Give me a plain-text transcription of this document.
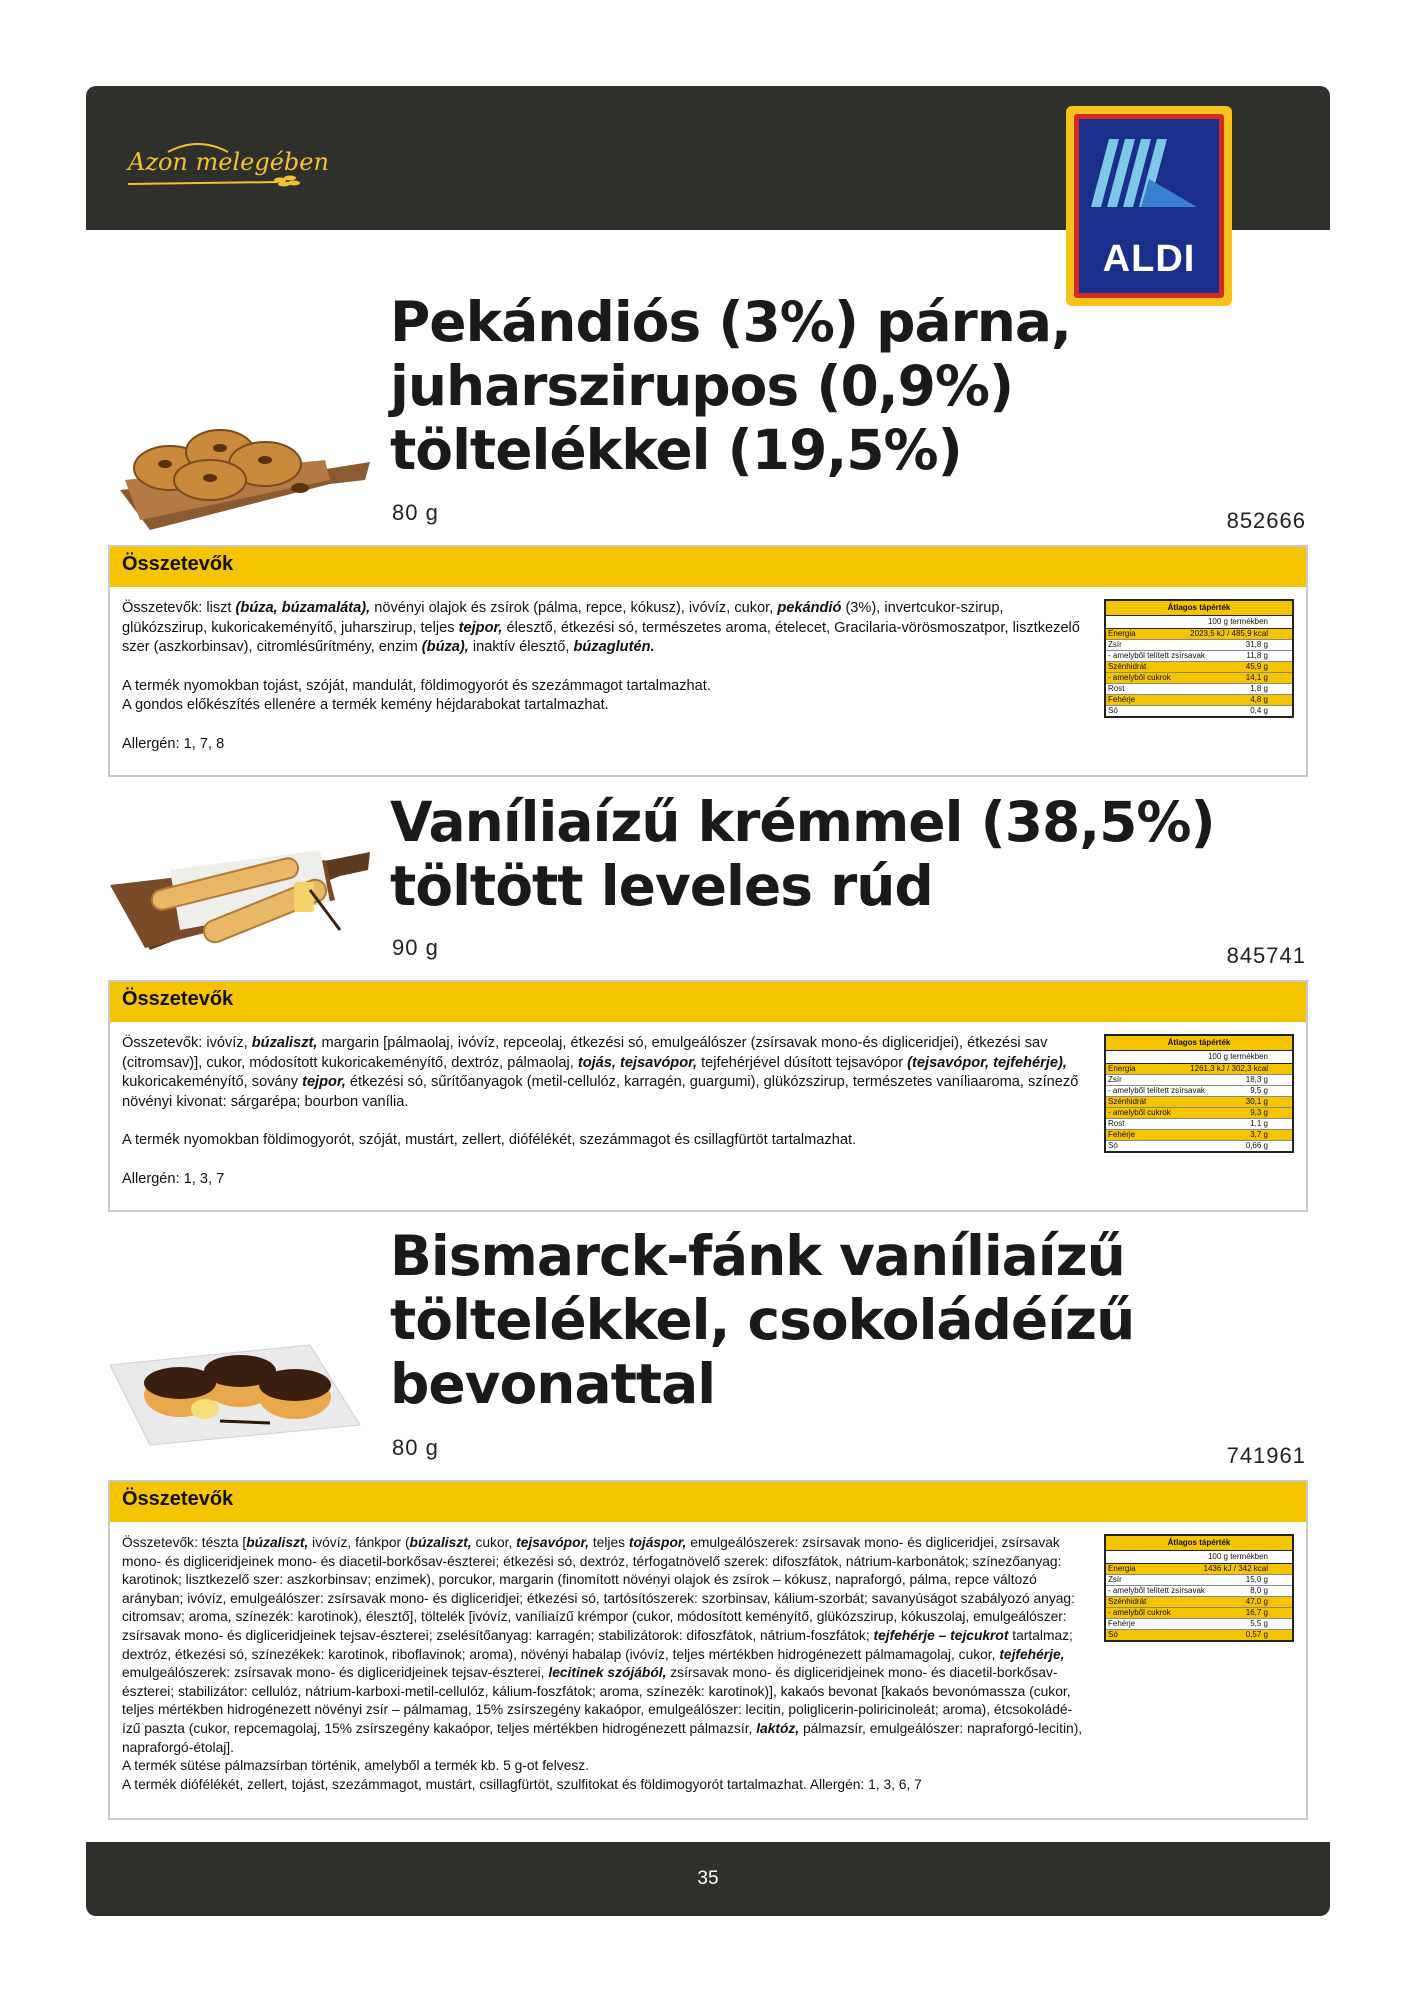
Azon melegében
ALDI
Pekándiós (3%) párna,
juharszirupos (0,9%)
töltelékkel (19,5%)
80 g	852666
Összetevők

Összetevők: liszt (búza, búzamaláta), növényi olajok és zsírok (pálma, repce, kókusz), ivóvíz, cukor, pekándió (3%), invertcukor-szirup, glükózszirup, kukoricakeményítő, juharszirup, teljes tejpor, élesztő, étkezési só, természetes aroma, ételecet, Gracilaria-vörösmoszatpor, lisztkezelő szer (aszkorbinsav), citromlésűrítmény, enzim (búza), inaktív élesztő, búzaglutén.

A termék nyomokban tojást, szóját, mandulát, földimogyorót és szezámmagot tartalmazhat.

A gondos előkészítés ellenére a termék kemény héjdarabokat tartalmazhat.

Allergén: 1, 7, 8

Átlagos tápérték
100 g termékben
Energia	2023,5 kJ / 485,9 kcal
Zsír	31,8 g
- amelyből telített zsírsavak	11,8 g
Szénhidrát	45,9 g
- amelyből cukrok	14,1 g
Rost	1,8 g
Fehérje	4,8 g
Só	0,4 g
Vaníliaízű krémmel (38,5%)
töltött leveles rúd
90 g	845741
Összetevők

Összetevők: ivóvíz, búzaliszt, margarin [pálmaolaj, ivóvíz, repceolaj, étkezési só, emulgeálószer (zsírsavak mono-és digliceridjei), étkezési sav (citromsav)], cukor, módosított kukoricakeményítő, dextróz, pálmaolaj, tojás, tejsavópor, tejfehérjével dúsított tejsavópor (tejsavópor, tejfehérje), kukoricakeményítő, sovány tejpor, étkezési só, sűrítőanyagok (metil-cellulóz, karragén, guargumi), glükózszirup, természetes vaníliaaroma, színező növényi kivonat: sárgarépa; bourbon vanília.

A termék nyomokban földimogyorót, szóját, mustárt, zellert, diófélékét, szezámmagot és csillagfürtöt tartalmazhat.

Allergén: 1, 3, 7

Átlagos tápérték
100 g termékben
Energia	1261,3 kJ / 302,3 kcal
Zsír	18,3 g
- amelyből telített zsírsavak	9,5 g
Szénhidrát	30,1 g
- amelyből cukrok	9,3 g
Rost	1,1 g
Fehérje	3,7 g
Só	0,66 g
Bismarck-fánk vaníliaízű
töltelékkel, csokoládéízű
bevonattal
80 g	741961
Összetevők

Összetevők: tészta [búzaliszt, ivóvíz, fánkpor (búzaliszt, cukor, tejsavópor, teljes tojáspor, emulgeálószerek: zsírsavak mono- és digliceridjei, zsírsavak mono- és digliceridjeinek mono- és diacetil-borkősav-észterei; étkezési só, dextróz, térfogatnövelő szerek: difoszfátok, nátrium-karbonátok; színezőanyag: karotinok; lisztkezelő szer: aszkorbinsav; enzimek), porcukor, margarin (finomított növényi olajok és zsírok – kókusz, napraforgó, pálma, repce változó arányban; ivóvíz, emulgeálószer: zsírsavak mono- és digliceridjei; étkezési só, tartósítószerek: szorbinsav, kálium-szorbát; savanyúságot szabályozó anyag: citromsav; aroma, színezék: karotinok), élesztő], töltelék [ivóvíz, vaníliaízű krémpor (cukor, módosított keményítő, glükózszirup, kókuszolaj, emulgeálószer: zsírsavak mono- és digliceridjeinek tejsav-észterei; zselésítőanyag: karragén; stabilizátorok: difoszfátok, nátrium-foszfátok; tejfehérje – tejcukrot tartalmaz; dextróz, étkezési só, színezékek: karotinok, riboflavinok; aroma), növényi habalap (ivóvíz, teljes mértékben hidrogénezett pálmamagolaj, cukor, tejfehérje, emulgeálószerek: zsírsavak mono- és digliceridjeinek tejsav-észterei, lecitinek szójából, zsírsavak mono- és digliceridjeinek mono- és diacetil-borkősav-észterei; stabilizátor: cellulóz, nátrium-karboxi-metil-cellulóz, kálium-foszfátok; aroma, színezék: karotinok)], kakaós bevonat [kakaós bevonómassza (cukor, teljes mértékben hidrogénezett növényi zsír – pálmamag, 15% zsírszegény kakaópor, emulgeálószer: lecitin, poliglicerin-poliricinoleát; aroma), étcsokoládé-ízű paszta (cukor, repcemagolaj, 15% zsírszegény kakaópor, teljes mértékben hidrogénezett pálmazsír, laktóz, pálmazsír, emulgeálószer: napraforgó-lecitin), napraforgó-étolaj].

A termék sütése pálmazsírban történik, amelyből a termék kb. 5 g-ot felvesz.

A termék diófélékét, zellert, tojást, szezámmagot, mustárt, csillagfürtöt, szulfitokat és földimogyorót tartalmazhat. Allergén: 1, 3, 6, 7

Átlagos tápérték
100 g termékben
Energia	1436 kJ / 342 kcal
Zsír	15,0 g
- amelyből telített zsírsavak	8,0 g
Szénhidrát	47,0 g
- amelyből cukrok	16,7 g
Fehérje	5,5 g
Só	0,57 g
35
